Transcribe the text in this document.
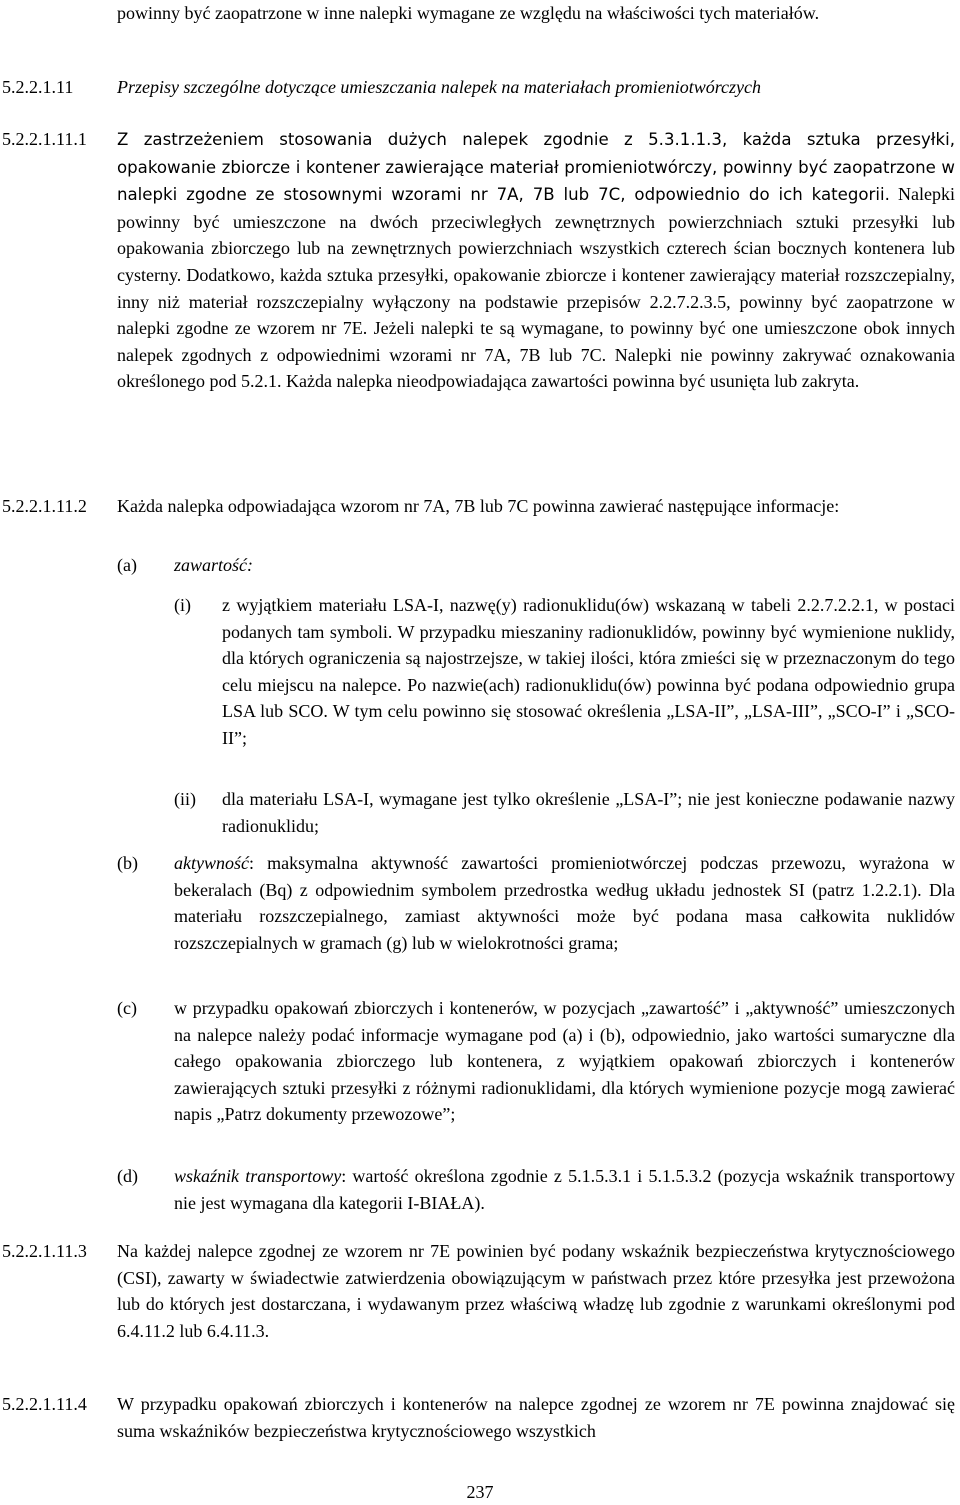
powinny być zaopatrzone w inne nalepki wymagane ze względu na właściwości tych materiałów.
5.2.2.1.11 Przepisy szczególne dotyczące umieszczania nalepek na materiałach promieniotwórczych
5.2.2.1.11.1 Z zastrzeżeniem stosowania dużych nalepek zgodnie z 5.3.1.1.3, każda sztuka przesyłki, opakowanie zbiorcze i kontener zawierające materiał promieniotwórczy, powinny być zaopatrzone w nalepki zgodne ze stosownymi wzorami nr 7A, 7B lub 7C, odpowiednio do ich kategorii. Nalepki powinny być umieszczone na dwóch przeciwległych zewnętrznych powierzchniach sztuki przesyłki lub opakowania zbiorczego lub na zewnętrznych powierzchniach wszystkich czterech ścian bocznych kontenera lub cysterny. Dodatkowo, każda sztuka przesyłki, opakowanie zbiorcze i kontener zawierający materiał rozszczepialny, inny niż materiał rozszczepialny wyłączony na podstawie przepisów 2.2.7.2.3.5, powinny być zaopatrzone w nalepki zgodne ze wzorem nr 7E. Jeżeli nalepki te są wymagane, to powinny być one umieszczone obok innych nalepek zgodnych z odpowiednimi wzorami nr 7A, 7B lub 7C. Nalepki nie powinny zakrywać oznakowania określonego pod 5.2.1. Każda nalepka nieodpowiadająca zawartości powinna być usunięta lub zakryta.
5.2.2.1.11.2 Każda nalepka odpowiadająca wzorom nr 7A, 7B lub 7C powinna zawierać następujące informacje:
(a) zawartość:
(i) z wyjątkiem materiału LSA-I, nazwę(y) radionuklidu(ów) wskazaną w tabeli 2.2.7.2.2.1, w postaci podanych tam symboli. W przypadku mieszaniny radionuklidów, powinny być wymienione nuklidy, dla których ograniczenia są najostrzejsze, w takiej ilości, która zmieści się w przeznaczonym do tego celu miejscu na nalepce. Po nazwie(ach) radionuklidu(ów) powinna być podana odpowiednio grupa LSA lub SCO. W tym celu powinno się stosować określenia „LSA-II”, „LSA-III”, „SCO-I” i „SCO-II”;
(ii) dla materiału LSA-I, wymagane jest tylko określenie „LSA-I”; nie jest konieczne podawanie nazwy radionuklidu;
(b) aktywność: maksymalna aktywność zawartości promieniotwórczej podczas przewozu, wyrażona w bekeralach (Bq) z odpowiednim symbolem przedrostka według układu jednostek SI (patrz 1.2.2.1). Dla materiału rozszczepialnego, zamiast aktywności może być podana masa całkowita nuklidów rozszczepialnych w gramach (g) lub w wielokrotności grama;
(c) w przypadku opakowań zbiorczych i kontenerów, w pozycjach „zawartość” i „aktywność” umieszczonych na nalepce należy podać informacje wymagane pod (a) i (b), odpowiednio, jako wartości sumaryczne dla całego opakowania zbiorczego lub kontenera, z wyjątkiem opakowań zbiorczych i kontenerów zawierających sztuki przesyłki z różnymi radionuklidami, dla których wymienione pozycje mogą zawierać napis „Patrz dokumenty przewozowe”;
(d) wskaźnik transportowy: wartość określona zgodnie z 5.1.5.3.1 i 5.1.5.3.2 (pozycja wskaźnik transportowy nie jest wymagana dla kategorii I-BIAŁA).
5.2.2.1.11.3 Na każdej nalepce zgodnej ze wzorem nr 7E powinien być podany wskaźnik bezpieczeństwa krytycznościowego (CSI), zawarty w świadectwie zatwierdzenia obowiązującym w państwach przez które przesyłka jest przewożona lub do których jest dostarczana, i wydawanym przez właściwą władzę lub zgodnie z warunkami określonymi pod 6.4.11.2 lub 6.4.11.3.
5.2.2.1.11.4 W przypadku opakowań zbiorczych i kontenerów na nalepce zgodnej ze wzorem nr 7E powinna znajdować się suma wskaźników bezpieczeństwa krytycznościowego wszystkich
237
